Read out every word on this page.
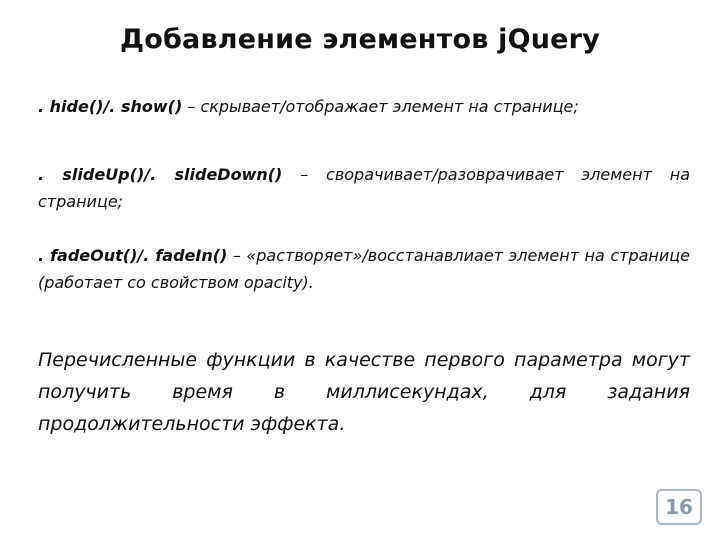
Добавление элементов jQuery
. hide()/. show() – скрывает/отображает элемент на странице;
. slideUp()/. slideDown() – сворачивает/разоврачивает элемент на странице;
. fadeOut()/. fadeIn() – «растворяет»/восстанавлиает элемент на странице (работает со свойством opacity).
Перечисленные функции в качестве первого параметра могут получить время в миллисекундах, для задания продолжительности эффекта.
16
